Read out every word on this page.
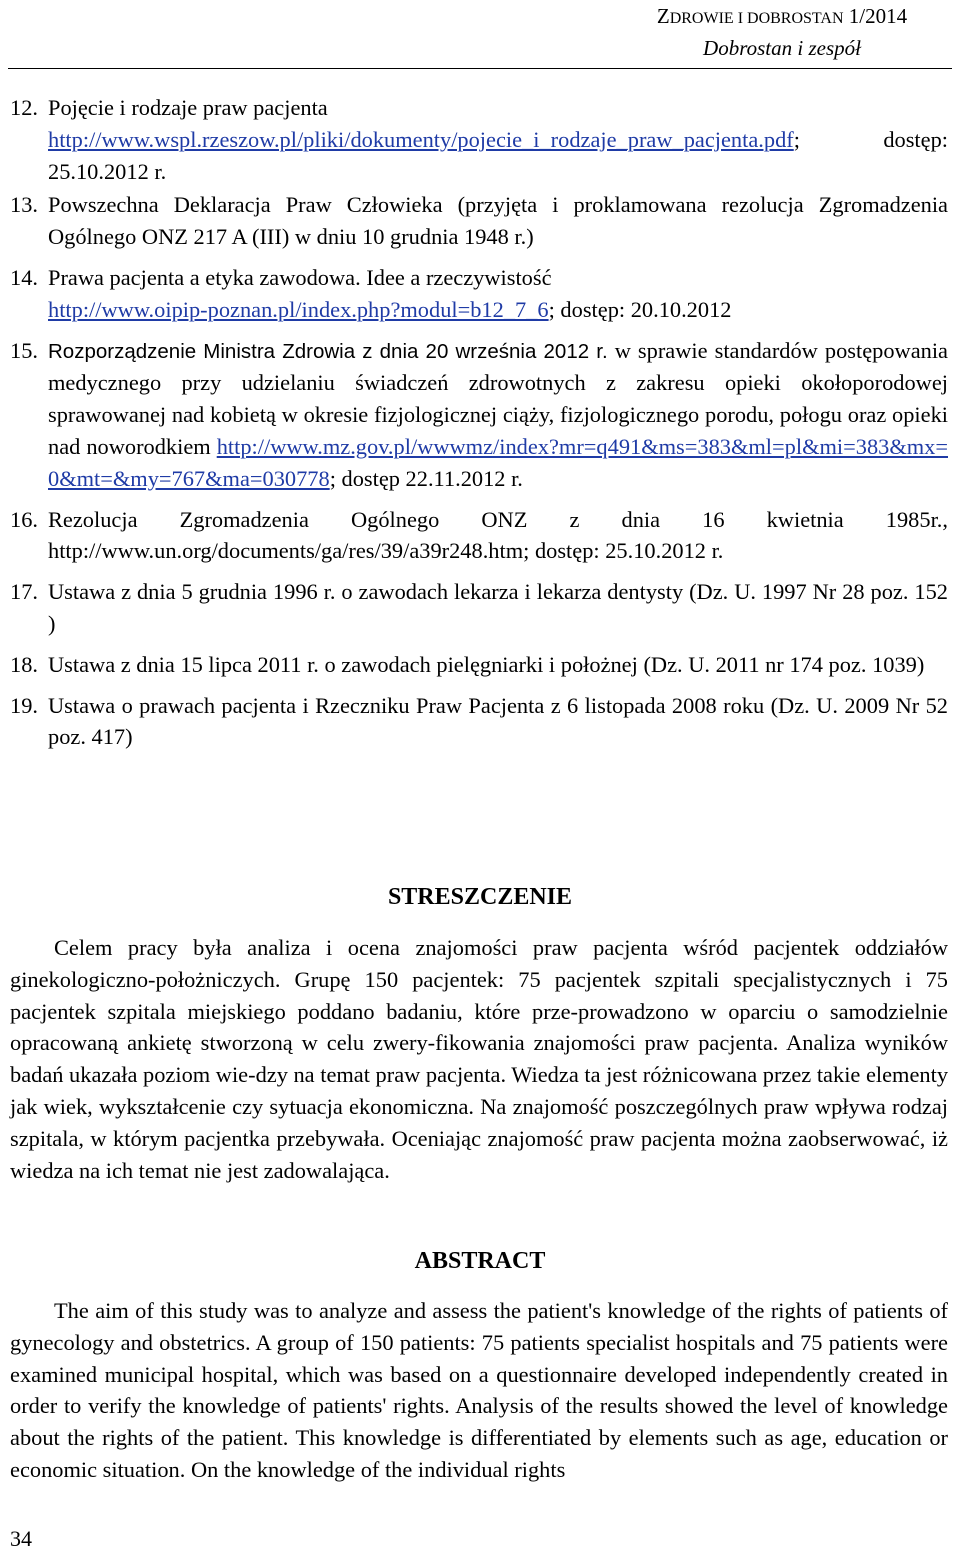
ZDROWIE I DOBROSTAN 1/2014
Dobrostan i zespół
12. Pojęcie i rodzaje praw pacjenta
http://www.wspl.rzeszow.pl/pliki/dokumenty/pojecie_i_rodzaje_praw_pacjenta.pdf; dostęp: 25.10.2012 r.
13. Powszechna Deklaracja Praw Człowieka (przyjęta i proklamowana rezolucja Zgromadzenia Ogólnego ONZ 217 A (III) w dniu 10 grudnia 1948 r.)
14. Prawa pacjenta a etyka zawodowa. Idee a rzeczywistość
http://www.oipip-poznan.pl/index.php?modul=b12_7_6; dostęp: 20.10.2012
15. Rozporządzenie Ministra Zdrowia z dnia 20 września 2012 r. w sprawie standardów postępowania medycznego przy udzielaniu świadczeń zdrowotnych z zakresu opieki okołoporodowej sprawowanej nad kobietą w okresie fizjologicznej ciąży, fizjologicznego porodu, połogu oraz opieki nad noworodkiem http://www.mz.gov.pl/wwwmz/index?mr=q491&ms=383&ml=pl&mi=383&mx=0&mt=&my=767&ma=030778; dostęp 22.11.2012 r.
16. Rezolucja Zgromadzenia Ogólnego ONZ z dnia 16 kwietnia 1985r., http://www.un.org/documents/ga/res/39/a39r248.htm; dostęp: 25.10.2012 r.
17. Ustawa z dnia 5 grudnia 1996 r. o zawodach lekarza i lekarza dentysty (Dz. U. 1997 Nr 28 poz. 152 )
18. Ustawa z dnia 15 lipca 2011 r. o zawodach pielęgniarki i położnej (Dz. U. 2011 nr 174 poz. 1039)
19. Ustawa o prawach pacjenta i Rzeczniku Praw Pacjenta z 6 listopada 2008 roku (Dz. U. 2009 Nr 52 poz. 417)
STRESZCZENIE
Celem pracy była analiza i ocena znajomości praw pacjenta wśród pacjentek oddziałów ginekologiczno-położniczych. Grupę 150 pacjentek: 75 pacjentek szpitali specjalistycznych i 75 pacjentek szpitala miejskiego poddano badaniu, które prze-prowadzono w oparciu o samodzielnie opracowaną ankietę stworzoną w celu zwery-fikowania znajomości praw pacjenta. Analiza wyników badań ukazała poziom wie-dzy na temat praw pacjenta. Wiedza ta jest różnicowana przez takie elementy jak wiek, wykształcenie czy sytuacja ekonomiczna. Na znajomość poszczególnych praw wpływa rodzaj szpitala, w którym pacjentka przebywała. Oceniając znajomość praw pacjenta można zaobserwować, iż wiedza na ich temat nie jest zadowalająca.
ABSTRACT
The aim of this study was to analyze and assess the patient's knowledge of the rights of patients of gynecology and obstetrics. A group of 150 patients: 75 patients specialist hospitals and 75 patients were examined municipal hospital, which was based on a questionnaire developed independently created in order to verify the knowledge of patients' rights. Analysis of the results showed the level of knowledge about the rights of the patient. This knowledge is differentiated by elements such as age, education or economic situation. On the knowledge of the individual rights
34
